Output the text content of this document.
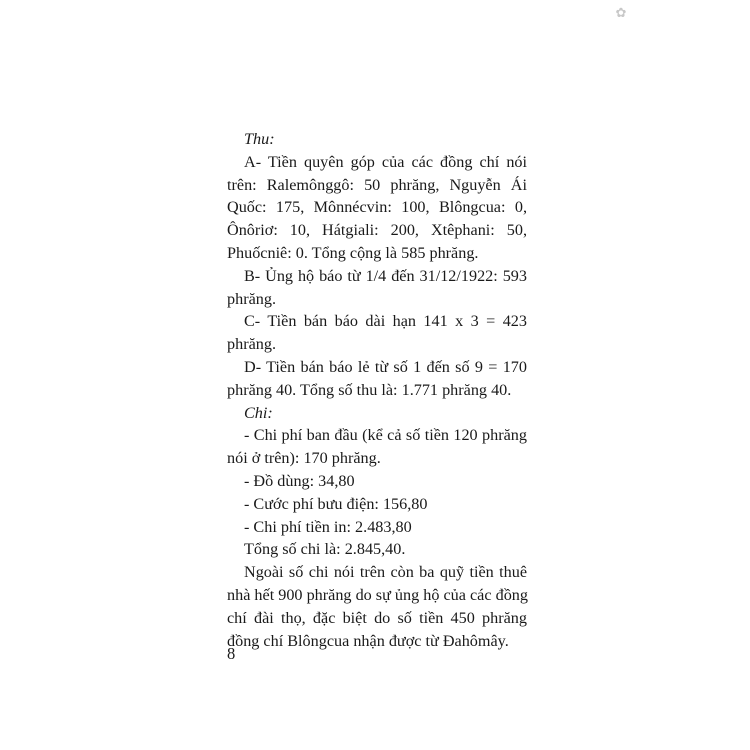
✿
Thu:
A- Tiền quyên góp của các đồng chí nói
trên: Ralemônggô: 50 phrăng, Nguyễn Ái
Quốc: 175, Mônnécvin: 100, Blôngcua: 0,
Ônôriơ: 10, Hátgiali: 200, Xtêphani: 50,
Phuốcniê: 0. Tổng cộng là 585 phrăng.
B- Ủng hộ báo từ 1/4 đến 31/12/1922: 593
phrăng.
C- Tiền bán báo dài hạn 141 x 3 = 423
phrăng.
D- Tiền bán báo lẻ từ số 1 đến số 9 = 170
phrăng 40. Tổng số thu là: 1.771 phrăng 40.
Chi:
- Chi phí ban đầu (kể cả số tiền 120 phrăng
nói ở trên): 170 phrăng.
- Đồ dùng: 34,80
- Cước phí bưu điện: 156,80
- Chi phí tiền in: 2.483,80
Tổng số chi là: 2.845,40.
Ngoài số chi nói trên còn ba quỹ tiền thuê
nhà hết 900 phrăng do sự ủng hộ của các đồng
chí đài thọ, đặc biệt do số tiền 450 phrăng
đồng chí Blôngcua nhận được từ Đahômây.
8
